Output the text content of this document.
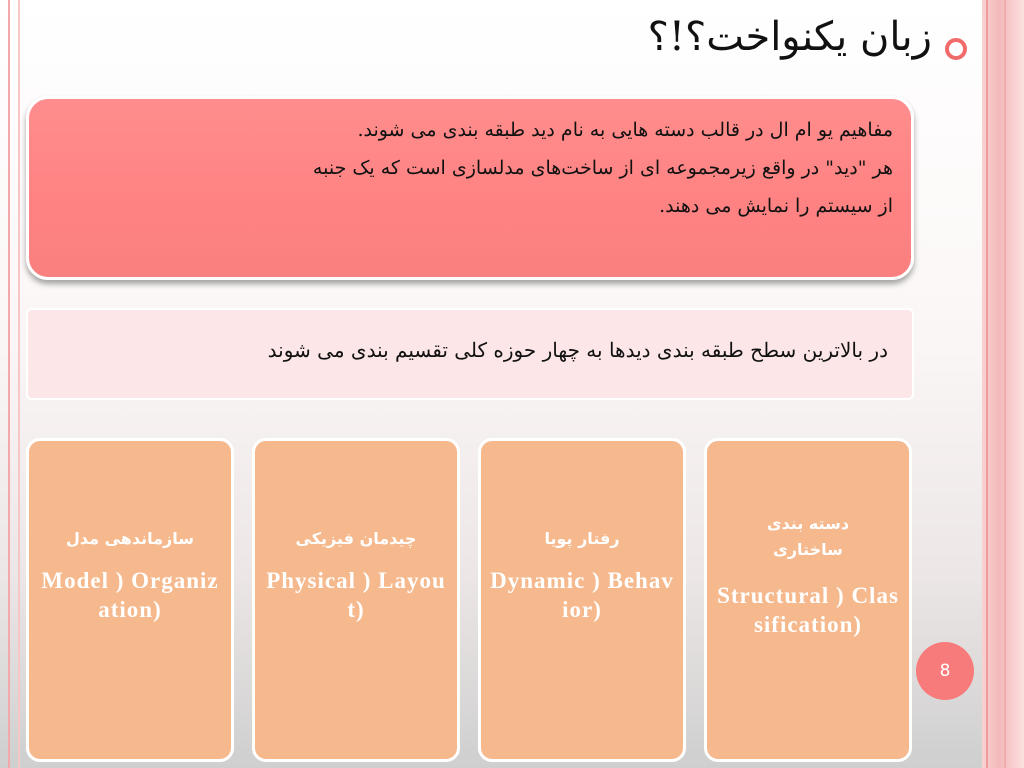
زبان یکنواخت؟!؟

مفاهیم یو ام ال در قالب دسته هایی به نام دید طبقه بندی می شوند.

هر "دید" در واقع زیرمجموعه ای از ساخت‌های مدلسازی است که یک جنبه

از سیستم را نمایش می دهند.

در بالاترین سطح طبقه بندی دیدها به چهار حوزه کلی تقسیم بندی می شوند

دسته بندی ساختاری
Structural ) Classification)
رفتار پویا
Dynamic ) Behavior)
چیدمان فیزیکی
Physical ) Layout)
سازماندهی مدل
Model ) Organization)
8
